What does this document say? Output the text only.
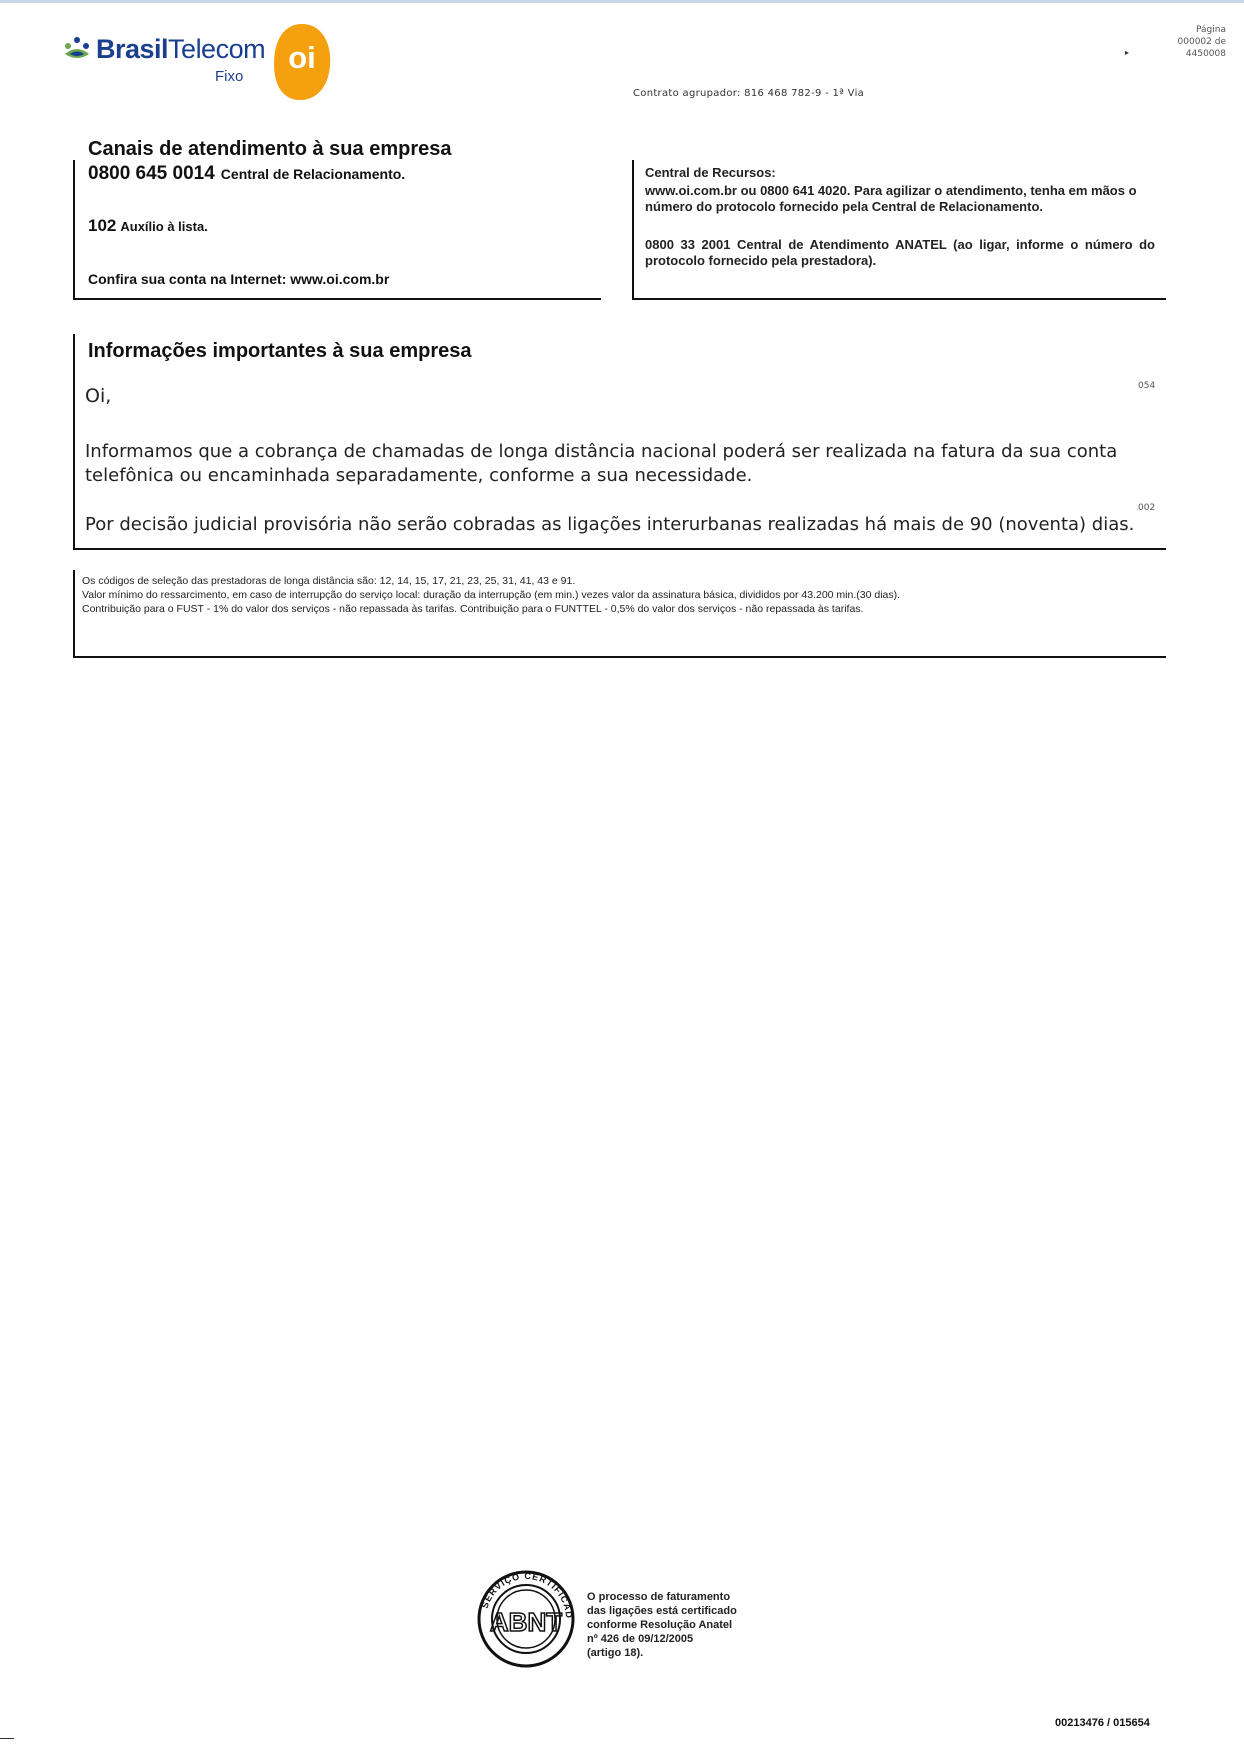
BrasilTelecom
Fixo
oi
Contrato agrupador: 816 468 782-9 - 1ª Via
Página
000002 de
4450008
▸
Canais de atendimento à sua empresa
0800 645 0014 Central de Relacionamento.
102 Auxílio à lista.
Confira sua conta na Internet: www.oi.com.br
Central de Recursos:
www.oi.com.br ou 0800 641 4020. Para agilizar o atendimento, tenha em mãos o número do protocolo fornecido pela Central de Relacionamento.
0800 33 2001 Central de Atendimento ANATEL (ao ligar, informe o número do protocolo fornecido pela prestadora).
Informações importantes à sua empresa
Oi,	054
Informamos que a cobrança de chamadas de longa distância nacional poderá ser realizada na fatura da sua conta telefônica ou encaminhada separadamente, conforme a sua necessidade.
002
Por decisão judicial provisória não serão cobradas as ligações interurbanas realizadas há mais de 90 (noventa) dias.
Os códigos de seleção das prestadoras de longa distância são: 12, 14, 15, 17, 21, 23, 25, 31, 41, 43 e 91.
Valor mínimo do ressarcimento, em caso de interrupção do serviço local: duração da interrupção (em min.) vezes valor da assinatura básica, divididos por 43.200 min.(30 dias).
Contribuição para o FUST - 1% do valor dos serviços - não repassada às tarifas. Contribuição para o FUNTTEL - 0,5% do valor dos serviços - não repassada às tarifas.
SERVIÇO CERTIFICAD
ABNT
O processo de faturamento
das ligações está certificado
conforme Resolução Anatel
nº 426 de 09/12/2005
(artigo 18).
00213476 / 015654
